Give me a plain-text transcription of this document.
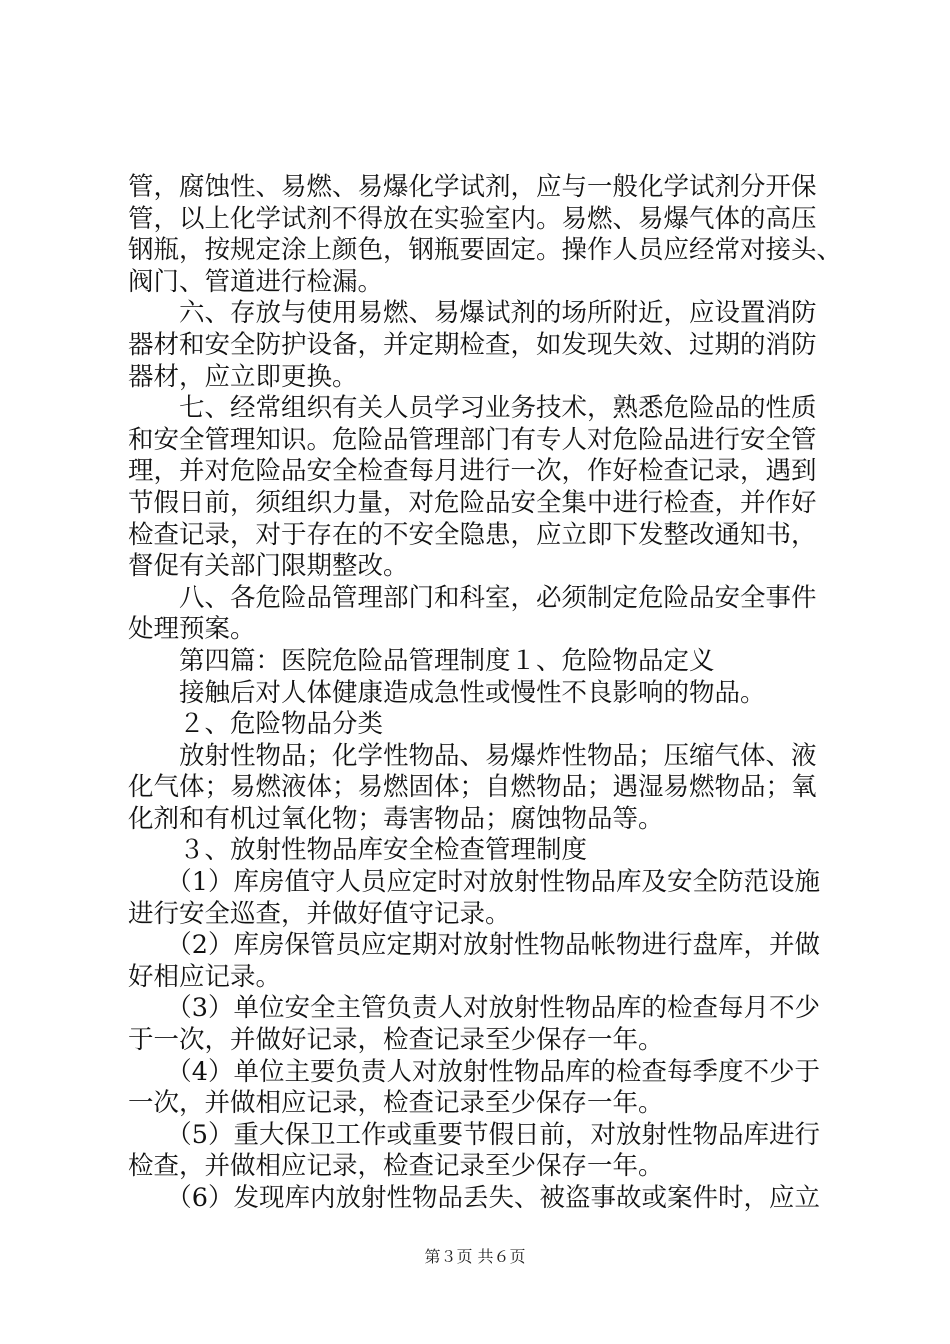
管，腐蚀性、易燃、易爆化学试剂，应与一般化学试剂分开保

管，以上化学试剂不得放在实验室内。易燃、易爆气体的高压

钢瓶，按规定涂上颜色，钢瓶要固定。操作人员应经常对接头、

阀门、管道进行检漏。

　　六、存放与使用易燃、易爆试剂的场所附近，应设置消防

器材和安全防护设备，并定期检查，如发现失效、过期的消防

器材，应立即更换。

　　七、经常组织有关人员学习业务技术，熟悉危险品的性质

和安全管理知识。危险品管理部门有专人对危险品进行安全管

理，并对危险品安全检查每月进行一次，作好检查记录，遇到

节假日前，须组织力量，对危险品安全集中进行检查，并作好

检查记录，对于存在的不安全隐患，应立即下发整改通知书，

督促有关部门限期整改。

　　八、各危险品管理部门和科室，必须制定危险品安全事件

处理预案。

　　第四篇：医院危险品管理制度１、危险物品定义

　　接触后对人体健康造成急性或慢性不良影响的物品。

　　２、危险物品分类

　　放射性物品；化学性物品、易爆炸性物品；压缩气体、液

化气体；易燃液体；易燃固体；自燃物品；遇湿易燃物品；氧

化剂和有机过氧化物；毒害物品；腐蚀物品等。

　　３、放射性物品库安全检查管理制度

　　（1）库房值守人员应定时对放射性物品库及安全防范设施

进行安全巡查，并做好值守记录。

　　（2）库房保管员应定期对放射性物品帐物进行盘库，并做

好相应记录。

　　（3）单位安全主管负责人对放射性物品库的检查每月不少

于一次，并做好记录，检查记录至少保存一年。

　　（4）单位主要负责人对放射性物品库的检查每季度不少于

一次，并做相应记录，检查记录至少保存一年。

　　（5）重大保卫工作或重要节假日前，对放射性物品库进行

检查，并做相应记录，检查记录至少保存一年。

　　（6）发现库内放射性物品丢失、被盗事故或案件时，应立

第３页 共６页
